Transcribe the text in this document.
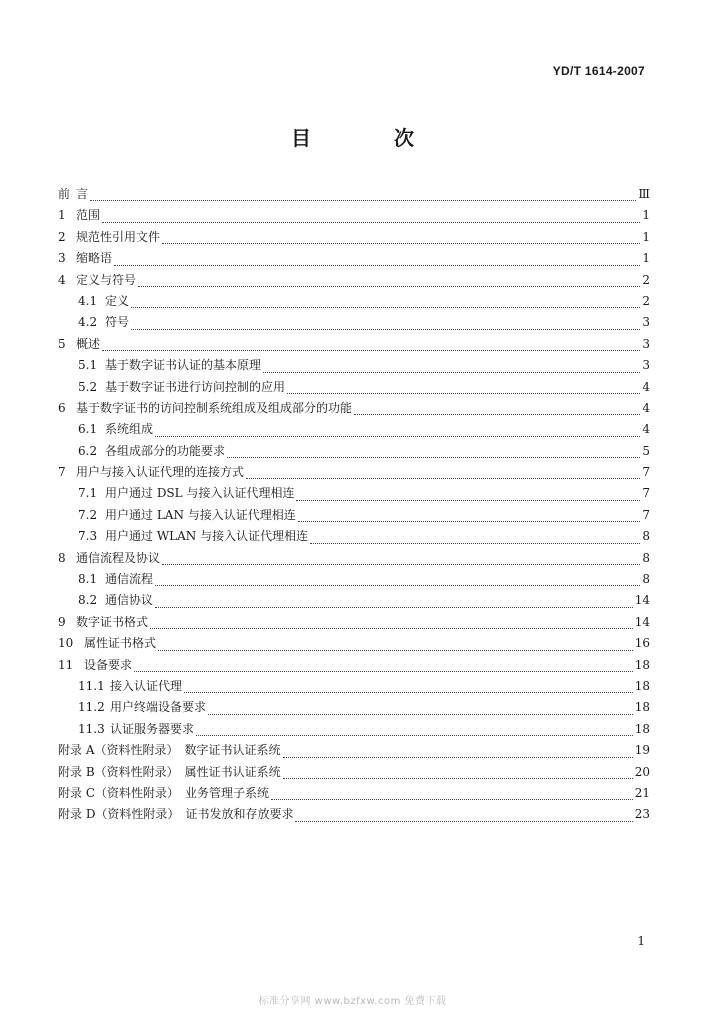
YD/T 1614-2007
目 次
前 言	Ⅲ
1 范围	1
2 规范性引用文件	1
3 缩略语	1
4 定义与符号	2
4.1 定义	2
4.2 符号	3
5 概述	3
5.1 基于数字证书认证的基本原理	3
5.2 基于数字证书进行访问控制的应用	4
6 基于数字证书的访问控制系统组成及组成部分的功能	4
6.1 系统组成	4
6.2 各组成部分的功能要求	5
7 用户与接入认证代理的连接方式	7
7.1 用户通过 DSL 与接入认证代理相连	7
7.2 用户通过 LAN 与接入认证代理相连	7
7.3 用户通过 WLAN 与接入认证代理相连	8
8 通信流程及协议	8
8.1 通信流程	8
8.2 通信协议	14
9 数字证书格式	14
10 属性证书格式	16
11 设备要求	18
11.1 接入认证代理	18
11.2 用户终端设备要求	18
11.3 认证服务器要求	18
附录 A（资料性附录） 数字证书认证系统	19
附录 B（资料性附录） 属性证书认证系统	20
附录 C（资料性附录） 业务管理子系统	21
附录 D（资料性附录） 证书发放和存放要求	23
1
标准分享网 www.bzfxw.com 免费下载
